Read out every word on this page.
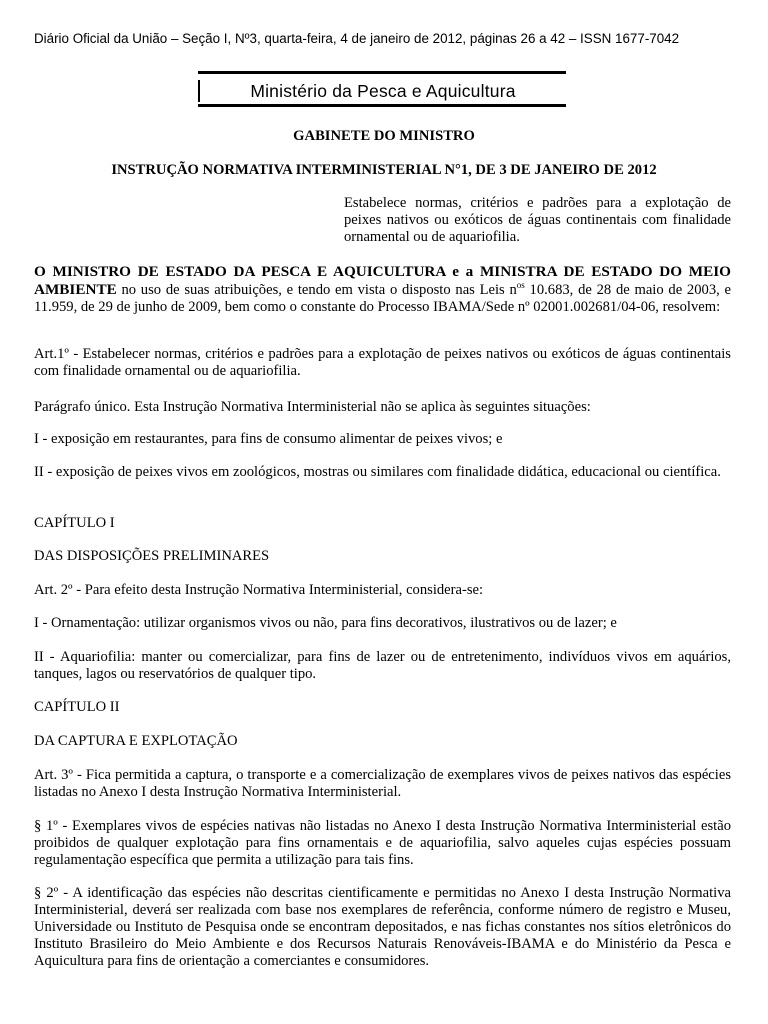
Diário Oficial da União – Seção I, Nº3, quarta-feira, 4 de janeiro de 2012, páginas 26 a 42 – ISSN 1677-7042
Ministério da Pesca e Aquicultura
GABINETE DO MINISTRO
INSTRUÇÃO NORMATIVA INTERMINISTERIAL N°1, DE 3 DE JANEIRO DE 2012
Estabelece normas, critérios e padrões para a explotação de peixes nativos ou exóticos de águas continentais com finalidade ornamental ou de aquariofilia.
O MINISTRO DE ESTADO DA PESCA E AQUICULTURA e a MINISTRA DE ESTADO DO MEIO AMBIENTE no uso de suas atribuições, e tendo em vista o disposto nas Leis $n^{os}$ 10.683, de 28 de maio de 2003, e 11.959, de 29 de junho de 2009, bem como o constante do Processo IBAMA/Sede nº 02001.002681/04-06, resolvem:
Art.1º - Estabelecer normas, critérios e padrões para a explotação de peixes nativos ou exóticos de águas continentais com finalidade ornamental ou de aquariofilia.
Parágrafo único. Esta Instrução Normativa Interministerial não se aplica às seguintes situações:
I - exposição em restaurantes, para fins de consumo alimentar de peixes vivos; e
II - exposição de peixes vivos em zoológicos, mostras ou similares com finalidade didática, educacional ou científica.
CAPÍTULO I
DAS DISPOSIÇÕES PRELIMINARES
Art. 2º - Para efeito desta Instrução Normativa Interministerial, considera-se:
I - Ornamentação: utilizar organismos vivos ou não, para fins decorativos, ilustrativos ou de lazer; e
II - Aquariofilia: manter ou comercializar, para fins de lazer ou de entretenimento, indivíduos vivos em aquários, tanques, lagos ou reservatórios de qualquer tipo.
CAPÍTULO II
DA CAPTURA E EXPLOTAÇÃO
Art. 3º - Fica permitida a captura, o transporte e a comercialização de exemplares vivos de peixes nativos das espécies listadas no Anexo I desta Instrução Normativa Interministerial.
§ 1º - Exemplares vivos de espécies nativas não listadas no Anexo I desta Instrução Normativa Interministerial estão proibidos de qualquer explotação para fins ornamentais e de aquariofilia, salvo aqueles cujas espécies possuam regulamentação específica que permita a utilização para tais fins.
§ 2º - A identificação das espécies não descritas cientificamente e permitidas no Anexo I desta Instrução Normativa Interministerial, deverá ser realizada com base nos exemplares de referência, conforme número de registro e Museu, Universidade ou Instituto de Pesquisa onde se encontram depositados, e nas fichas constantes nos sítios eletrônicos do Instituto Brasileiro do Meio Ambiente e dos Recursos Naturais Renováveis-IBAMA e do Ministério da Pesca e Aquicultura para fins de orientação a comerciantes e consumidores.
